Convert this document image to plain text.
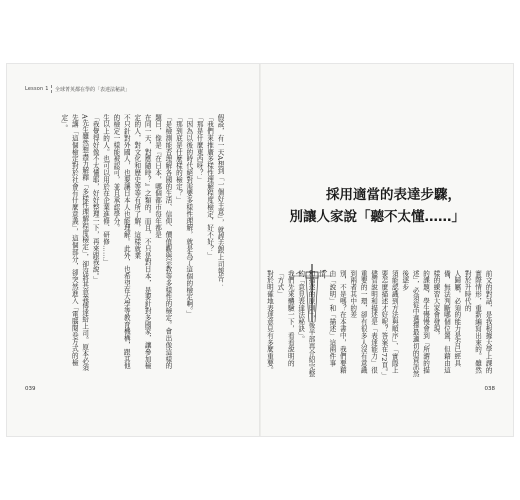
Lesson 1 全球菁英都在學的「表達法秘訣」
假設，有一天A想到「一個好主意」，就趕去跟上司報告：
「我們來推廣多樣性理解程度檢定，好不好？」
「那是什麼東西呀？」
「因為以後的時代絕對需要多樣性理解，就是為了這個的檢定啊。」
「那到底是什麼樣的檢定？」
「是檢測能否理解各國的生活、信仰、價值觀與宗教等多樣性的檢定。會出像這樣的題目，像是『在日本，哪個都市每年都是
在同一天，對應隨時？』之類的。而且，不只是對日本，是要針對多國家，讓參加檢定的人，對文化和歷史等等有所了解，這樣就業
不只針對外國人，也要讓日本人也能理解。此外，也希望在大學等教育機構，跟其他的檢定一樣能被認可，並且承認學分。
生以上的人。也可以用於在企業進修、研修……」
「我覺得好像不太懂耶，好好整理一下，再來跟我說。」
A先生雖然想盡力解釋「多樣性理解程度檢定」，卻沒將其意義傳達給上司。原本必須先講「這個檢定對於社會有什麼意義」，這個部分，卻突然進入「電腦閱卷方式的檢定」。
039
採用適當的表達步驟，
別讓人家說「聽不太懂……」
前文的對話，是我根據大學上課的實際情形，重新編寫出來的。雖然對於升時代的
人歸屬，必須的能力是否已經具備，無法判斷哪個位置，但藉由這樣的練習大家會發現，
的課題，學生慢慢會到「所謂的描述」，必須從中選擇最適切的資訊然後逐步
須能認識到方法與順序」、「實際上要怎麼描述才好呢？答案在72頁。」
儘管說明和描述是「表達能力」很重要的一環，卻有很多人沒有意識到兩者其中的差
別，不是嗎？在本書中，我們要藉由「說明」和「描述」這兩件事情，
和描述的原則」，後半部再介紹完整的「意見表達法秘訣」。
我們先來體驗一下，看看說明的「方式」
對於明確地表達意見有多麼重要。
038
